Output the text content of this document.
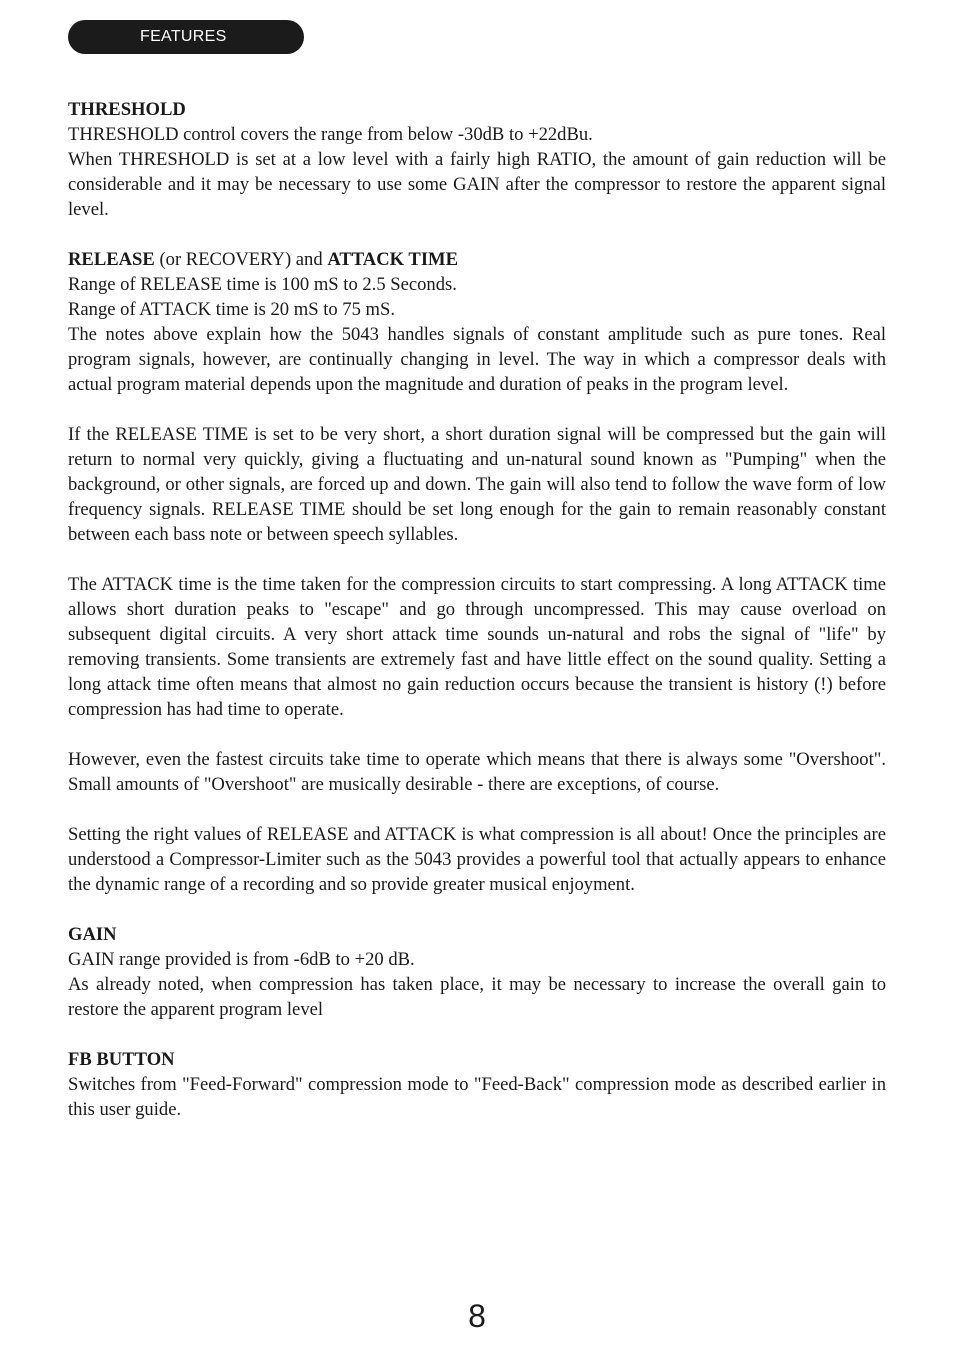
FEATURES

THRESHOLD

THRESHOLD control covers the range from below -30dB to +22dBu.

When THRESHOLD is set at a low level with a fairly high RATIO, the amount of gain reduction will be considerable and it may be necessary to use some GAIN after the compressor to restore the apparent signal level.

RELEASE (or RECOVERY) and ATTACK TIME

Range of RELEASE time is 100 mS to 2.5 Seconds.

Range of ATTACK time is 20 mS to 75 mS.

The notes above explain how the 5043 handles signals of constant amplitude such as pure tones. Real program signals, however, are continually changing in level. The way in which a compressor deals with actual program material depends upon the magnitude and duration of peaks in the program level.

If the RELEASE TIME is set to be very short, a short duration signal will be compressed but the gain will return to normal very quickly, giving a fluctuating and un-natural sound known as "Pumping" when the background, or other signals, are forced up and down. The gain will also tend to follow the wave form of low frequency signals. RELEASE TIME should be set long enough for the gain to remain reasonably constant between each bass note or between speech syllables.

The ATTACK time is the time taken for the compression circuits to start compressing. A long ATTACK time allows short duration peaks to "escape" and go through uncompressed. This may cause overload on subsequent digital circuits. A very short attack time sounds un-natural and robs the signal of "life" by removing transients. Some transients are extremely fast and have little effect on the sound quality. Setting a long attack time often means that almost no gain reduction occurs because the transient is history (!) before compression has had time to operate.

However, even the fastest circuits take time to operate which means that there is always some "Overshoot". Small amounts of "Overshoot" are musically desirable - there are exceptions, of course.

Setting the right values of RELEASE and ATTACK is what compression is all about! Once the principles are understood a Compressor-Limiter such as the 5043 provides a powerful tool that actually appears to enhance the dynamic range of a recording and so provide greater musical enjoyment.

GAIN

GAIN range provided is from -6dB to +20 dB.

As already noted, when compression has taken place, it may be necessary to increase the overall gain to restore the apparent program level

FB BUTTON

Switches from "Feed-Forward" compression mode to "Feed-Back" compression mode as described earlier in this user guide.

8
